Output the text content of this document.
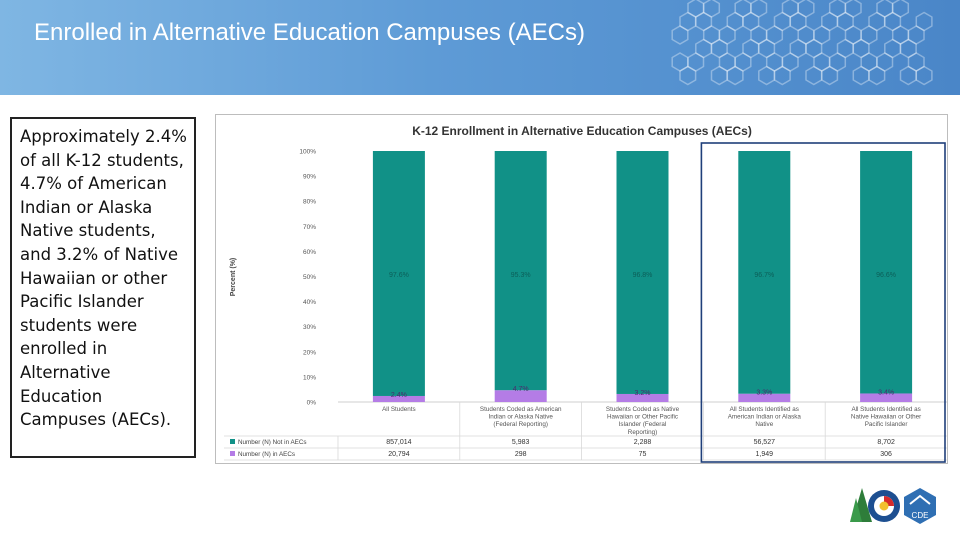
Enrolled in Alternative Education Campuses (AECs)
Approximately 2.4% of all K-12 students, 4.7% of American Indian or Alaska Native students, and 3.2% of Native Hawaiian or other Pacific Islander students were enrolled in Alternative Education Campuses (AECs).
K-12 Enrollment in Alternative Education Campuses (AECs)
Percent (%)
0%
10%
20%
30%
40%
50%
60%
70%
80%
90%
100%
97.6%
2.4%
All Students
857,014
20,794
95.3%
4.7%
Students Coded as American Indian or Alaska Native (Federal Reporting)
5,983
298
96.8%
3.2%
Students Coded as Native Hawaiian or Other Pacific Islander (Federal Reporting)
2,288
75
96.7%
3.3%
All Students Identified as American Indian or Alaska Native
56,527
1,949
96.6%
3.4%
All Students Identified as Native Hawaiian or Other Pacific Islander
8,702
306
Number (N) Not in AECs
Number (N) in AECs
CDE
